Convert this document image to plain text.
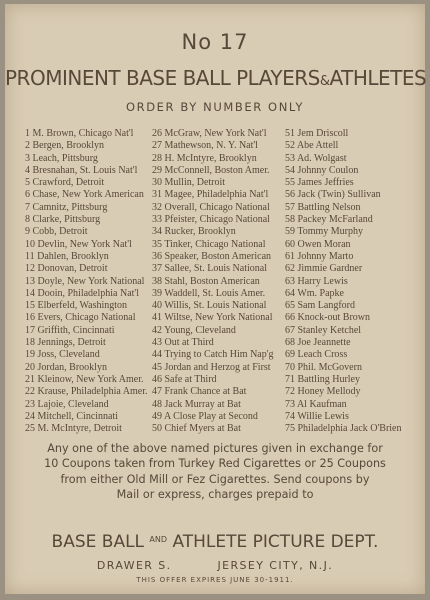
No 17
PROMINENT BASE BALL PLAYERS&ATHLETES
ORDER BY NUMBER ONLY
1 M. Brown, Chicago Nat'l
2 Bergen, Brooklyn
3 Leach, Pittsburg
4 Bresnahan, St. Louis Nat'l
5 Crawford, Detroit
6 Chase, New York American
7 Camnitz, Pittsburg
8 Clarke, Pittsburg
9 Cobb, Detroit
10 Devlin, New York Nat'l
11 Dahlen, Brooklyn
12 Donovan, Detroit
13 Doyle, New York National
14 Dooin, Philadelphia Nat'l
15 Elberfeld, Washington
16 Evers, Chicago National
17 Griffith, Cincinnati
18 Jennings, Detroit
19 Joss, Cleveland
20 Jordan, Brooklyn
21 Kleinow, New York Amer.
22 Krause, Philadelphia Amer.
23 Lajoie, Cleveland
24 Mitchell, Cincinnati
25 M. McIntyre, Detroit
26 McGraw, New York Nat'l
27 Mathewson, N. Y. Nat'l
28 H. McIntyre, Brooklyn
29 McConnell, Boston Amer.
30 Mullin, Detroit
31 Magee, Philadelphia Nat'l
32 Overall, Chicago National
33 Pfeister, Chicago National
34 Rucker, Brooklyn
35 Tinker, Chicago National
36 Speaker, Boston American
37 Sallee, St. Louis National
38 Stahl, Boston American
39 Waddell, St. Louis Amer.
40 Willis, St. Louis National
41 Wiltse, New York National
42 Young, Cleveland
43 Out at Third
44 Trying to Catch Him Nap'g
45 Jordan and Herzog at First
46 Safe at Third
47 Frank Chance at Bat
48 Jack Murray at Bat
49 A Close Play at Second
50 Chief Myers at Bat
51 Jem Driscoll
52 Abe Attell
53 Ad. Wolgast
54 Johnny Coulon
55 James Jeffries
56 Jack (Twin) Sullivan
57 Battling Nelson
58 Packey McFarland
59 Tommy Murphy
60 Owen Moran
61 Johnny Marto
62 Jimmie Gardner
63 Harry Lewis
64 Wm. Papke
65 Sam Langford
66 Knock-out Brown
67 Stanley Ketchel
68 Joe Jeannette
69 Leach Cross
70 Phil. McGovern
71 Battling Hurley
72 Honey Mellody
73 Al Kaufman
74 Willie Lewis
75 Philadelphia Jack O'Brien
Any one of the above named pictures given in exchange for
10 Coupons taken from Turkey Red Cigarettes or 25 Coupons
from either Old Mill or Fez Cigarettes. Send coupons by
Mail or express, charges prepaid to
BASE BALL $^{AND}$ ATHLETE PICTURE DEPT.
DRAWER S.	JERSEY CITY, N.J.
THIS OFFER EXPIRES JUNE 30-1911.
